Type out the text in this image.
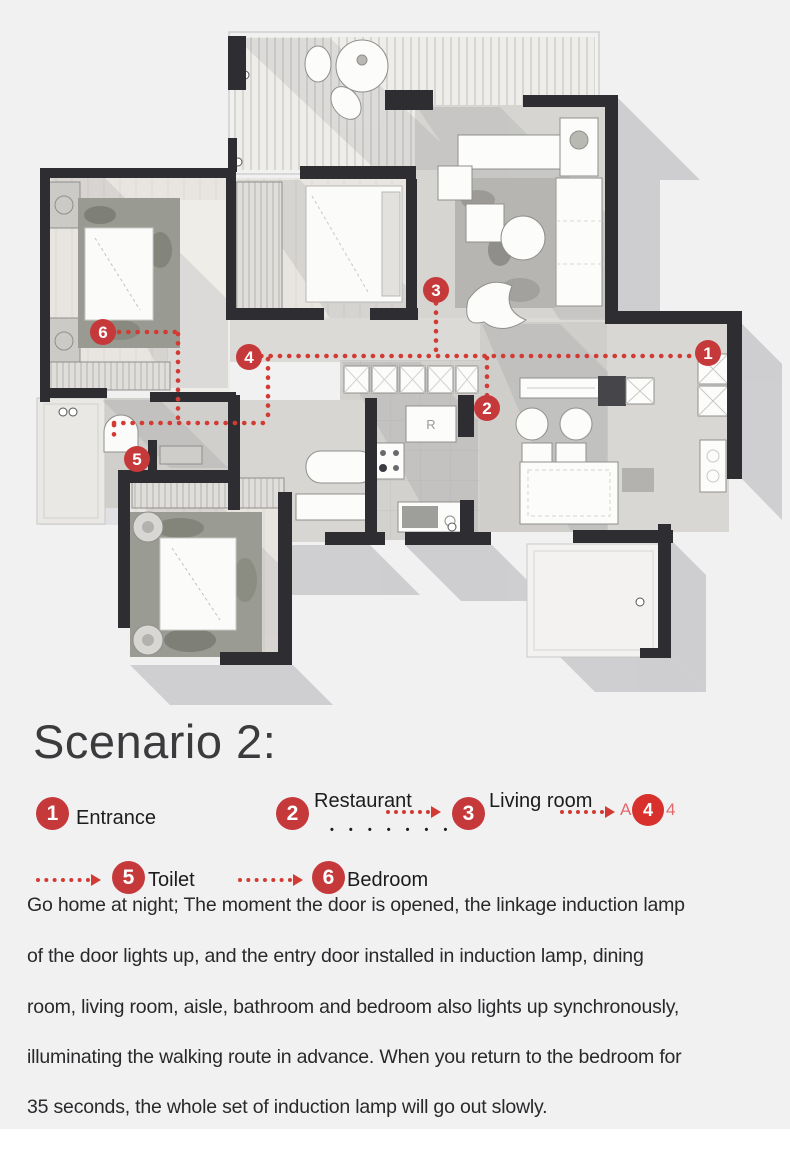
R
1
2
3
4
5
6
Scenario 2:
1 Entrance	2
Restaurant
• • • • • • •
3
Living room A 4 4
5 Toilet	6 Bedroom
Go home at night; The moment the door is opened, the linkage induction lamp
of the door lights up, and the entry door installed in induction lamp, dining
room, living room, aisle, bathroom and bedroom also lights up synchronously,
illuminating the walking route in advance. When you return to the bedroom for
35 seconds, the whole set of induction lamp will go out slowly.
